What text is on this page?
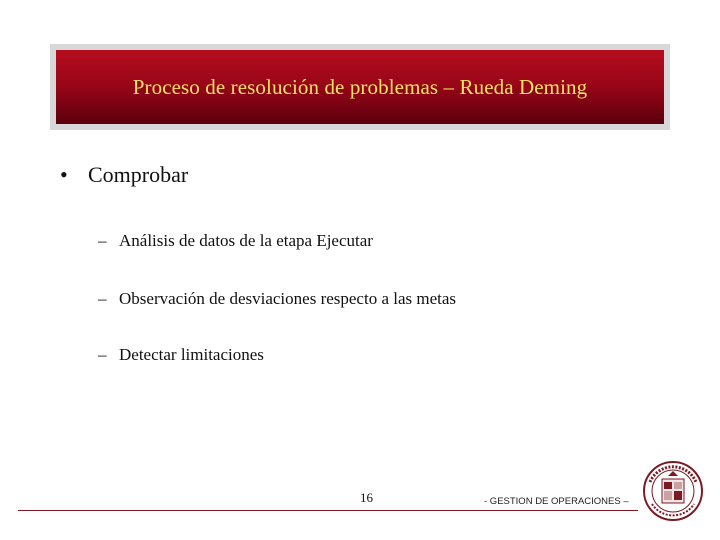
Proceso de resolución de problemas – Rueda Deming
• Comprobar
– Análisis de datos de la etapa Ejecutar
– Observación de desviaciones respecto a las metas
– Detectar limitaciones
16	- GESTION DE OPERACIONES –
